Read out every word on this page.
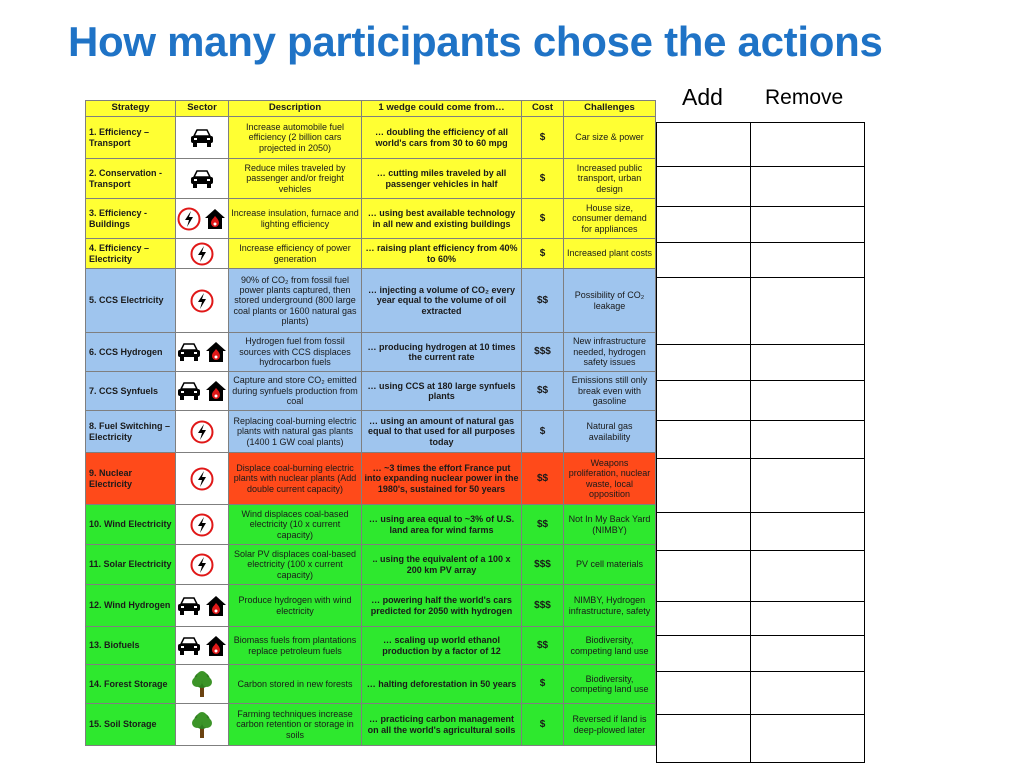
How many participants chose the actions
Add Remove
Strategy	Sector	Description	1 wedge could come from…	Cost	Challenges
1. Efficiency – Transport		Increase automobile fuel efficiency (2 billion cars projected in 2050)	… doubling the efficiency of all world's cars from 30 to 60 mpg	$	Car size & power
2. Conservation - Transport		Reduce miles traveled by passenger and/or freight vehicles	… cutting miles traveled by all passenger vehicles in half	$	Increased public transport, urban design
3. Efficiency - Buildings		Increase insulation, furnace and lighting efficiency	… using best available technology in all new and existing buildings	$	House size, consumer demand for appliances
4. Efficiency – Electricity		Increase efficiency of power generation	… raising plant efficiency from 40% to 60%	$	Increased plant costs
5. CCS Electricity		90% of CO₂ from fossil fuel power plants captured, then stored underground (800 large coal plants or 1600 natural gas plants)	… injecting a volume of CO₂ every year equal to the volume of oil extracted	$$	Possibility of CO₂ leakage
6. CCS Hydrogen		Hydrogen fuel from fossil sources with CCS displaces hydrocarbon fuels	… producing hydrogen at 10 times the current rate	$$$	New infrastructure needed, hydrogen safety issues
7. CCS Synfuels		Capture and store CO₂ emitted during synfuels production from coal	… using CCS at 180 large synfuels plants	$$	Emissions still only break even with gasoline
8. Fuel Switching – Electricity		Replacing coal-burning electric plants with natural gas plants (1400 1 GW coal plants)	… using an amount of natural gas equal to that used for all purposes today	$	Natural gas availability
9. Nuclear Electricity		Displace coal-burning electric plants with nuclear plants (Add double current capacity)	… ~3 times the effort France put into expanding nuclear power in the 1980's, sustained for 50 years	$$	Weapons proliferation, nuclear waste, local opposition
10. Wind Electricity		Wind displaces coal-based electricity (10 x current capacity)	… using area equal to ~3% of U.S. land area for wind farms	$$	Not In My Back Yard (NIMBY)
11. Solar Electricity		Solar PV displaces coal-based electricity (100 x current capacity)	.. using the equivalent of a 100 x 200 km PV array	$$$	PV cell materials
12. Wind Hydrogen		Produce hydrogen with wind electricity	… powering half the world's cars predicted for 2050 with hydrogen	$$$	NIMBY, Hydrogen infrastructure, safety
13. Biofuels		Biomass fuels from plantations replace petroleum fuels	… scaling up world ethanol production by a factor of 12	$$	Biodiversity, competing land use
14. Forest Storage		Carbon stored in new forests	… halting deforestation in 50 years	$	Biodiversity, competing land use
15. Soil Storage		Farming techniques increase carbon retention or storage in soils	… practicing carbon management on all the world's agricultural soils	$	Reversed if land is deep-plowed later
